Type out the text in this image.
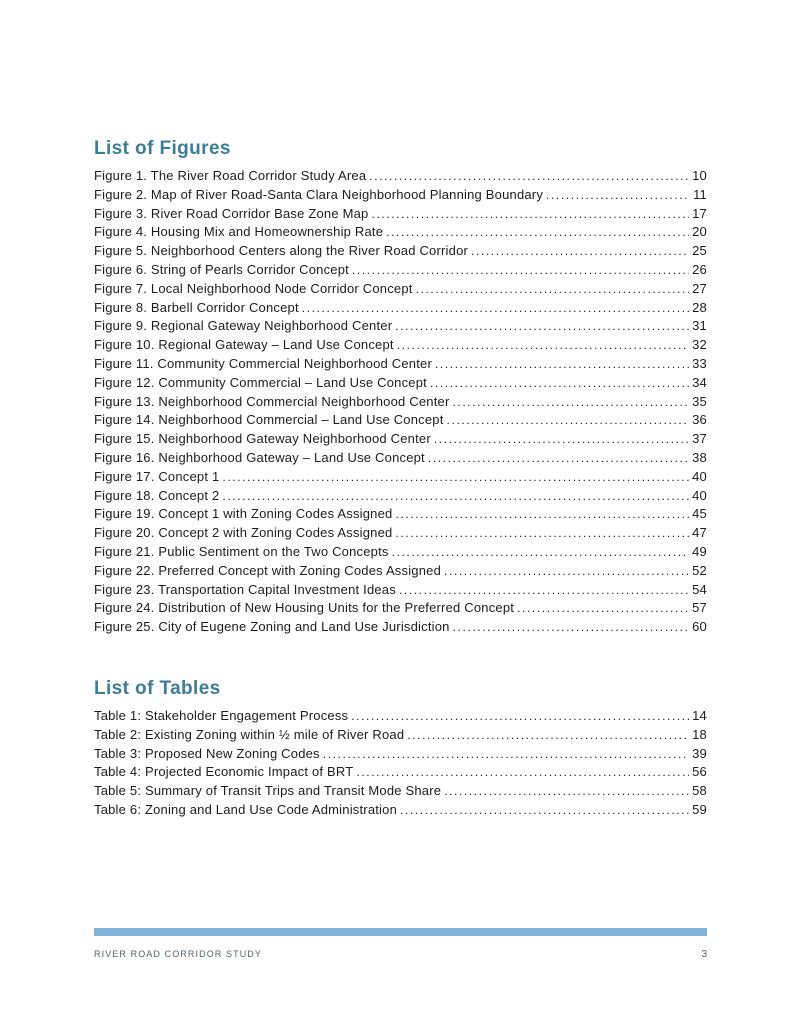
List of Figures
Figure 1. The River Road Corridor Study Area .....	10
Figure 2. Map of River Road-Santa Clara Neighborhood Planning Boundary .....	11
Figure 3. River Road Corridor Base Zone Map .....	17
Figure 4. Housing Mix and Homeownership Rate .....	20
Figure 5. Neighborhood Centers along the River Road Corridor .....	25
Figure 6. String of Pearls Corridor Concept .....	26
Figure 7. Local Neighborhood Node Corridor Concept .....	27
Figure 8. Barbell Corridor Concept .....	28
Figure 9. Regional Gateway Neighborhood Center .....	31
Figure 10. Regional Gateway – Land Use Concept .....	32
Figure 11. Community Commercial Neighborhood Center .....	33
Figure 12. Community Commercial – Land Use Concept .....	34
Figure 13. Neighborhood Commercial Neighborhood Center .....	35
Figure 14. Neighborhood Commercial – Land Use Concept .....	36
Figure 15. Neighborhood Gateway Neighborhood Center .....	37
Figure 16. Neighborhood Gateway – Land Use Concept .....	38
Figure 17. Concept 1 .....	40
Figure 18. Concept 2 .....	40
Figure 19. Concept 1 with Zoning Codes Assigned .....	45
Figure 20. Concept 2 with Zoning Codes Assigned .....	47
Figure 21. Public Sentiment on the Two Concepts .....	49
Figure 22. Preferred Concept with Zoning Codes Assigned .....	52
Figure 23. Transportation Capital Investment Ideas .....	54
Figure 24. Distribution of New Housing Units for the Preferred Concept .....	57
Figure 25. City of Eugene Zoning and Land Use Jurisdiction .....	60
List of Tables
Table 1: Stakeholder Engagement Process .....	14
Table 2: Existing Zoning within ½ mile of River Road .....	18
Table 3: Proposed New Zoning Codes .....	39
Table 4: Projected Economic Impact of BRT .....	56
Table 5: Summary of Transit Trips and Transit Mode Share .....	58
Table 6: Zoning and Land Use Code Administration .....	59
RIVER ROAD CORRIDOR STUDY	3
